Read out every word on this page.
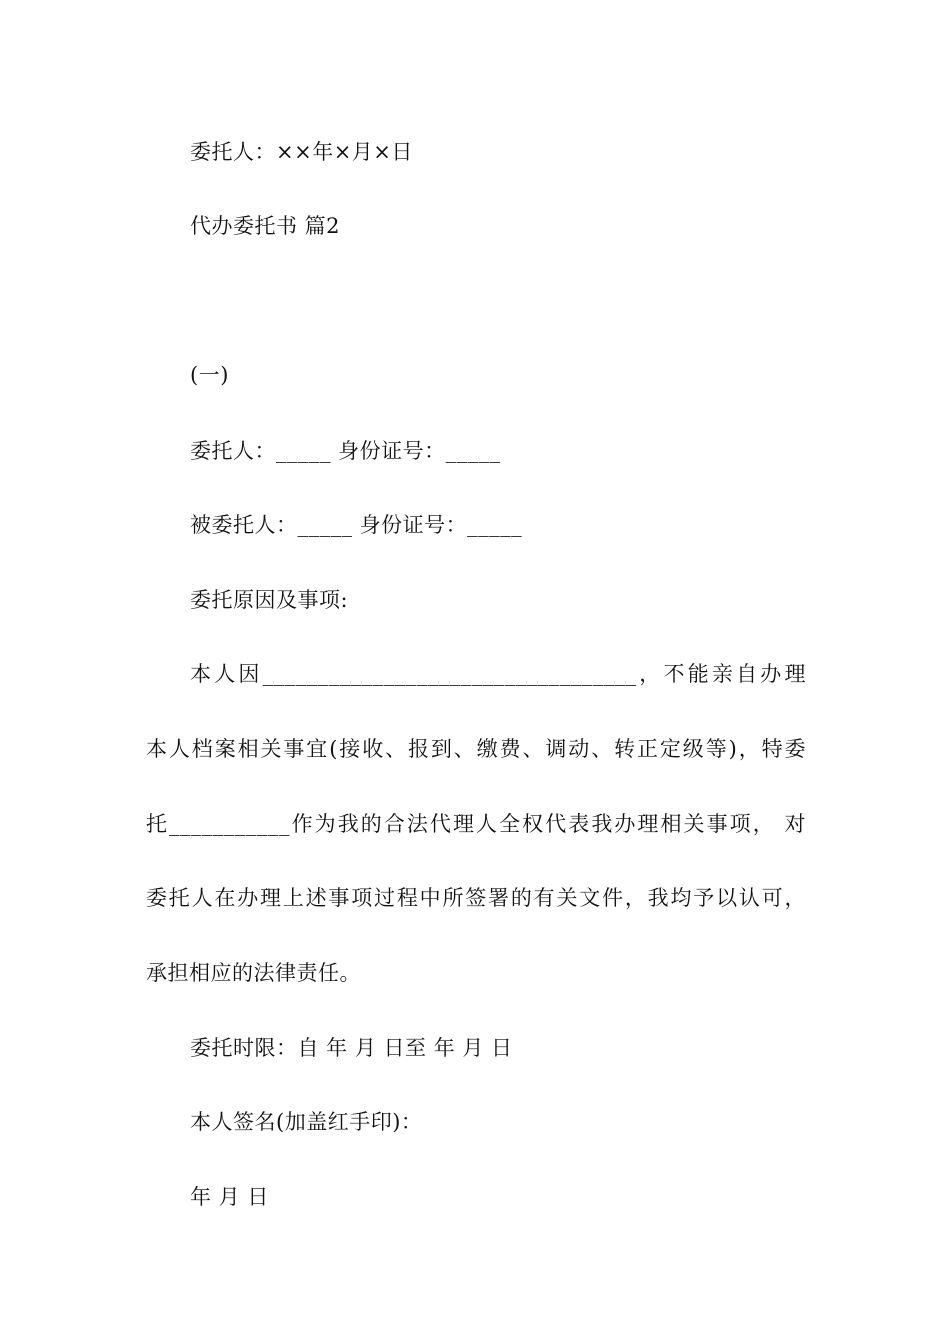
委托人：××年×月×日
代办委托书 篇2
(一)
委托人：_____ 身份证号：_____
被委托人：_____ 身份证号：_____
委托原因及事项:
本人因__________________________________，不能亲自办理
本人档案相关事宜(接收、报到、缴费、调动、转正定级等)，特委
托___________作为我的合法代理人全权代表我办理相关事项， 对
委托人在办理上述事项过程中所签署的有关文件，我均予以认可，
承担相应的法律责任。
委托时限：自 年 月 日至 年 月 日
本人签名(加盖红手印)：
年 月 日
